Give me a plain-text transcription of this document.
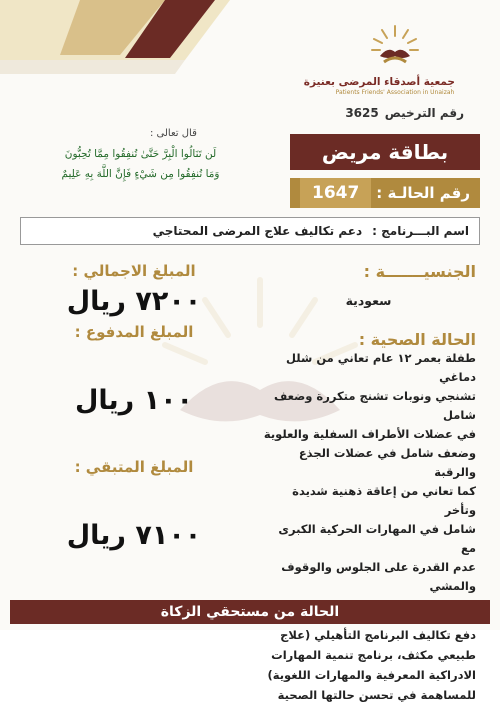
جمعية أصدقاء المرضى بعنيزة
Patients Friends' Association in Unaizah
رقم الترخيص
3625
قال تعالى :
لَن تَنَالُوا الْبِرَّ حَتَّىٰ تُنفِقُوا مِمَّا تُحِبُّونَ
وَمَا تُنفِقُوا مِن شَيْءٍ فَإِنَّ اللَّهَ بِهِ عَلِيمٌ
بطاقة مريض
رقم الحالـة :
1647
اسم البـــرنامج :
دعم تكاليف علاج المرضى المحتاجي
الجنسيـــــــة :
سعودية
الحالة الصحية :
طفلة بعمر ١٢ عام تعاني من شلل دماغي
تشنجي ونوبات تشنج متكررة وضعف شامل
في عضلات الأطراف السفلية والعلوية
وضعف شامل في عضلات الجذع والرقبة
كما تعاني من إعاقة ذهنية شديدة وتأخر
شامل في المهارات الحركية الكبرى مع
عدم القدرة على الجلوس والوقوف والمشي
دفع تكاليف البرنامج التأهيلي (علاج
طبيعي مكثف، برنامج تنمية المهارات
الادراكية المعرفية والمهارات اللغوية)
للمساهمة في تحسن حالتها الصحية
المبلغ الاجمالي :
٧٢٠٠ ريال
المبلغ المدفوع :
١٠٠ ريال
المبلغ المتبقي :
٧١٠٠ ريال
الحالة من مستحقي الزكاة
